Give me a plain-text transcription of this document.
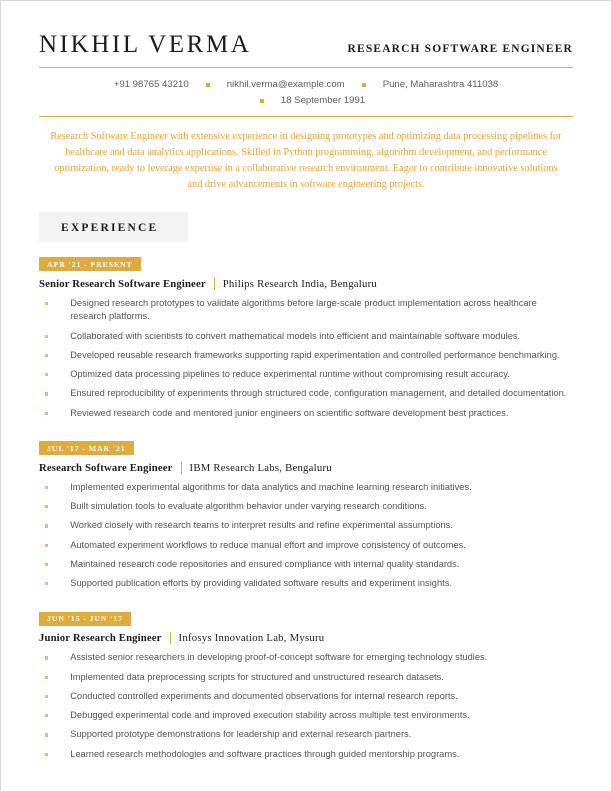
NIKHIL VERMA	RESEARCH SOFTWARE ENGINEER
+91 98765 43210	nikhil.verma@example.com	Pune, Maharashtra 411038
18 September 1991
Research Software Engineer with extensive experience in designing prototypes and optimizing data processing pipelines for healthcare and data analytics applications. Skilled in Python programming, algorithm development, and performance optimization, ready to leverage expertise in a collaborative research environment. Eager to contribute innovative solutions and drive advancements in software engineering projects.
EXPERIENCE
APR '21 - PRESENT
Senior Research Software Engineer Philips Research India, Bengaluru
Designed research prototypes to validate algorithms before large-scale product implementation across healthcare research platforms.
Collaborated with scientists to convert mathematical models into efficient and maintainable software modules.
Developed reusable research frameworks supporting rapid experimentation and controlled performance benchmarking.
Optimized data processing pipelines to reduce experimental runtime without compromising result accuracy.
Ensured reproducibility of experiments through structured code, configuration management, and detailed documentation.
Reviewed research code and mentored junior engineers on scientific software development best practices.
JUL '17 - MAR '21
Research Software Engineer IBM Research Labs, Bengaluru
Implemented experimental algorithms for data analytics and machine learning research initiatives.
Built simulation tools to evaluate algorithm behavior under varying research conditions.
Worked closely with research teams to interpret results and refine experimental assumptions.
Automated experiment workflows to reduce manual effort and improve consistency of outcomes.
Maintained research code repositories and ensured compliance with internal quality standards.
Supported publication efforts by providing validated software results and experiment insights.
JUN '15 - JUN '17
Junior Research Engineer Infosys Innovation Lab, Mysuru
Assisted senior researchers in developing proof-of-concept software for emerging technology studies.
Implemented data preprocessing scripts for structured and unstructured research datasets.
Conducted controlled experiments and documented observations for internal research reports.
Debugged experimental code and improved execution stability across multiple test environments.
Supported prototype demonstrations for leadership and external research partners.
Learned research methodologies and software practices through guided mentorship programs.
